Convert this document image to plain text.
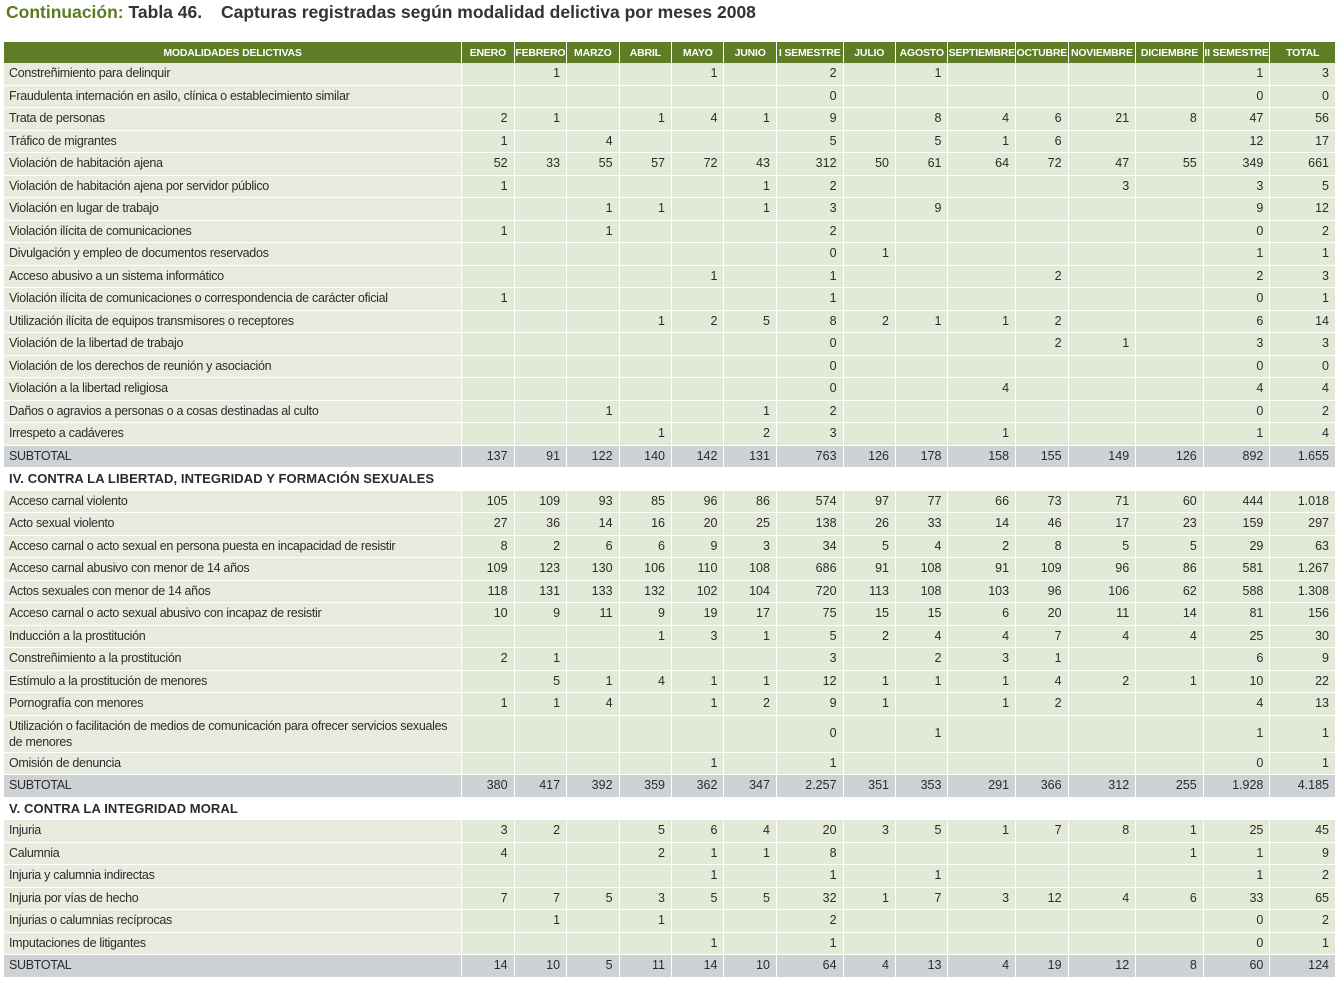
Continuación: Tabla 46. Capturas registradas según modalidad delictiva por meses 2008
MODALIDADES DELICTIVAS	ENERO	FEBRERO	MARZO	ABRIL	MAYO	JUNIO	I SEMESTRE	JULIO	AGOSTO	SEPTIEMBRE	OCTUBRE	NOVIEMBRE	DICIEMBRE	II SEMESTRE	TOTAL
Constreñimiento para delinquir		1			1		2		1					1	3
Fraudulenta internación en asilo, clínica o establecimiento similar							0							0	0
Trata de personas	2	1		1	4	1	9		8	4	6	21	8	47	56
Tráfico de migrantes	1		4				5		5	1	6			12	17
Violación de habitación ajena	52	33	55	57	72	43	312	50	61	64	72	47	55	349	661
Violación de habitación ajena por servidor público	1					1	2					3		3	5
Violación en lugar de trabajo			1	1		1	3		9					9	12
Violación ilícita de comunicaciones	1		1				2							0	2
Divulgación y empleo de documentos reservados							0	1						1	1
Acceso abusivo a un sistema informático					1		1				2			2	3
Violación ilícita de comunicaciones o correspondencia de carácter oficial	1						1							0	1
Utilización ilícita de equipos transmisores o receptores				1	2	5	8	2	1	1	2			6	14
Violación de la libertad de trabajo							0				2	1		3	3
Violación de los derechos de reunión y asociación							0							0	0
Violación a la libertad religiosa							0			4				4	4
Daños o agravios a personas o a cosas destinadas al culto			1			1	2							0	2
Irrespeto a cadáveres				1		2	3			1				1	4
SUBTOTAL	137	91	122	140	142	131	763	126	178	158	155	149	126	892	1.655
IV. CONTRA LA LIBERTAD, INTEGRIDAD Y FORMACIÓN SEXUALES															
Acceso carnal violento	105	109	93	85	96	86	574	97	77	66	73	71	60	444	1.018
Acto sexual violento	27	36	14	16	20	25	138	26	33	14	46	17	23	159	297
Acceso carnal o acto sexual en persona puesta en incapacidad de resistir	8	2	6	6	9	3	34	5	4	2	8	5	5	29	63
Acceso carnal abusivo con menor de 14 años	109	123	130	106	110	108	686	91	108	91	109	96	86	581	1.267
Actos sexuales con menor de 14 años	118	131	133	132	102	104	720	113	108	103	96	106	62	588	1.308
Acceso carnal o acto sexual abusivo con incapaz de resistir	10	9	11	9	19	17	75	15	15	6	20	11	14	81	156
Inducción a la prostitución				1	3	1	5	2	4	4	7	4	4	25	30
Constreñimiento a la prostitución	2	1					3		2	3	1			6	9
Estímulo a la prostitución de menores		5	1	4	1	1	12	1	1	1	4	2	1	10	22
Pornografía con menores	1	1	4		1	2	9	1		1	2			4	13
Utilización o facilitación de medios de comunicación para ofrecer servicios sexuales de menores							0		1					1	1
Omisión de denuncia					1		1							0	1
SUBTOTAL	380	417	392	359	362	347	2.257	351	353	291	366	312	255	1.928	4.185
V. CONTRA LA INTEGRIDAD MORAL															
Injuria	3	2		5	6	4	20	3	5	1	7	8	1	25	45
Calumnia	4			2	1	1	8						1	1	9
Injuria y calumnia indirectas					1		1		1					1	2
Injuria por vías de hecho	7	7	5	3	5	5	32	1	7	3	12	4	6	33	65
Injurias o calumnias recíprocas		1		1			2							0	2
Imputaciones de litigantes					1		1							0	1
SUBTOTAL	14	10	5	11	14	10	64	4	13	4	19	12	8	60	124
